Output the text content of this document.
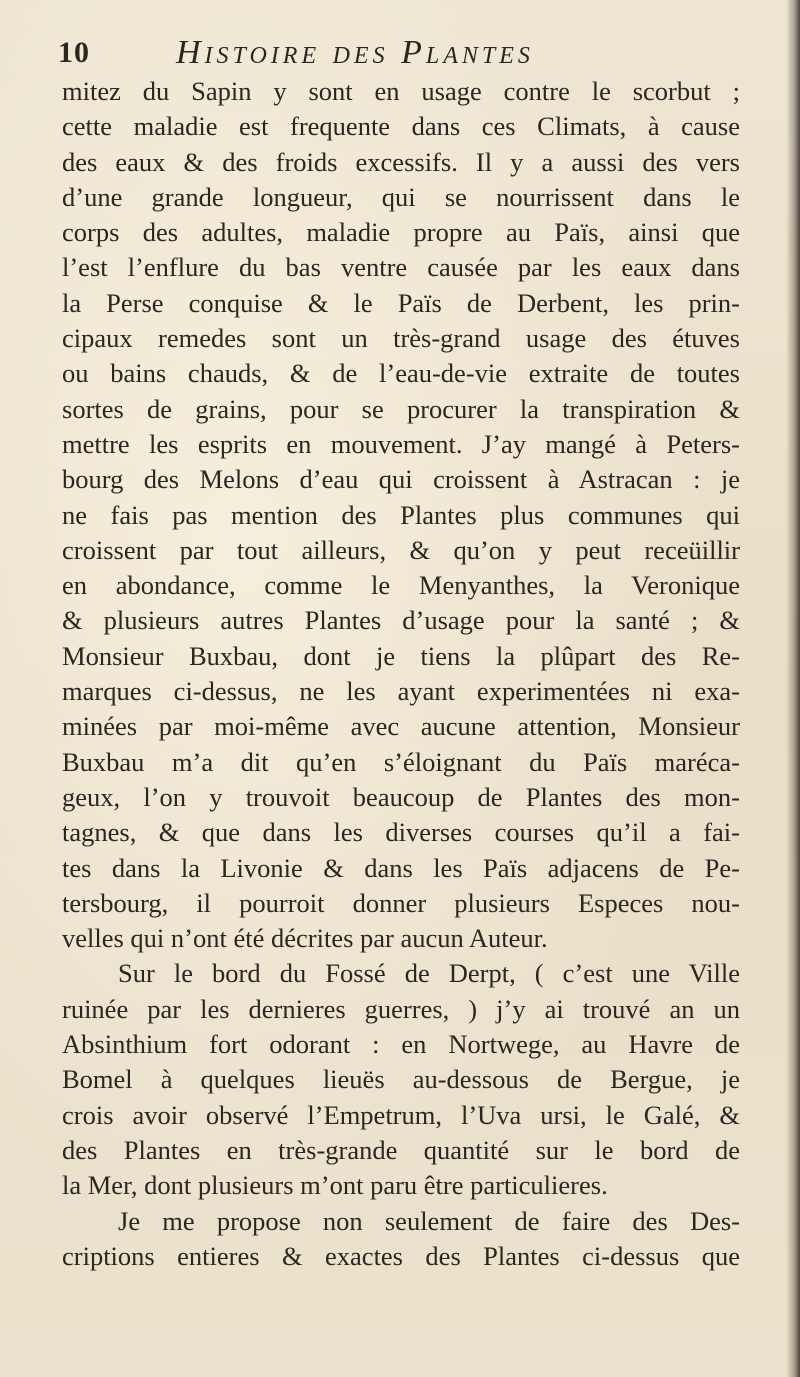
10	Histoire des Plantes
mitez du Sapin y sont en usage contre le scorbut ;
cette maladie est frequente dans ces Climats, à cause
des eaux & des froids excessifs. Il y a aussi des vers
d’une grande longueur, qui se nourrissent dans le
corps des adultes, maladie propre au Païs, ainsi que
l’est l’enflure du bas ventre causée par les eaux dans
la Perse conquise & le Païs de Derbent, les prin-
cipaux remedes sont un très-grand usage des étuves
ou bains chauds, & de l’eau-de-vie extraite de toutes
sortes de grains, pour se procurer la transpiration &
mettre les esprits en mouvement. J’ay mangé à Peters-
bourg des Melons d’eau qui croissent à Astracan : je
ne fais pas mention des Plantes plus communes qui
croissent par tout ailleurs, & qu’on y peut receüillir
en abondance, comme le Menyanthes, la Veronique
& plusieurs autres Plantes d’usage pour la santé ; &
Monsieur Buxbau, dont je tiens la plûpart des Re-
marques ci-dessus, ne les ayant experimentées ni exa-
minées par moi-même avec aucune attention, Monsieur
Buxbau m’a dit qu’en s’éloignant du Païs maréca-
geux, l’on y trouvoit beaucoup de Plantes des mon-
tagnes, & que dans les diverses courses qu’il a fai-
tes dans la Livonie & dans les Païs adjacens de Pe-
tersbourg, il pourroit donner plusieurs Especes nou-
velles qui n’ont été décrites par aucun Auteur.
Sur le bord du Fossé de Derpt, ( c’est une Ville
ruinée par les dernieres guerres, ) j’y ai trouvé an un
Absinthium fort odorant : en Nortwege, au Havre de
Bomel à quelques lieuës au-dessous de Bergue, je
crois avoir observé l’Empetrum, l’Uva ursi, le Galé, &
des Plantes en très-grande quantité sur le bord de
la Mer, dont plusieurs m’ont paru être particulieres.
Je me propose non seulement de faire des Des-
criptions entieres & exactes des Plantes ci-dessus que
